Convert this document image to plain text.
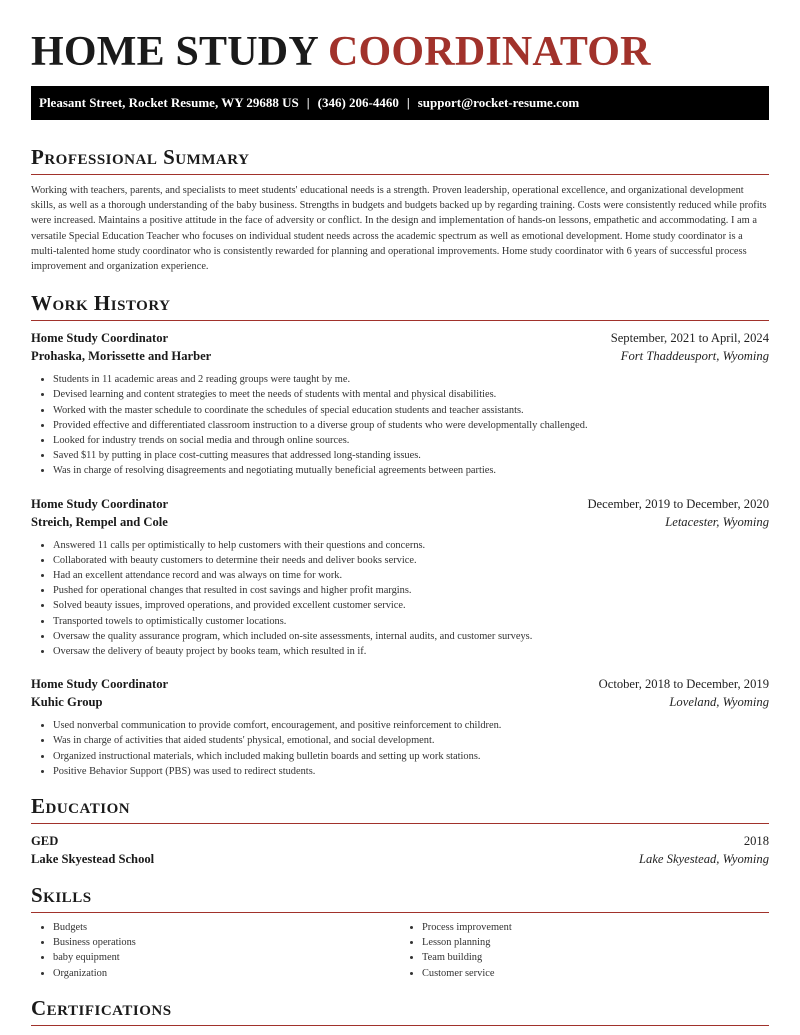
HOME STUDY COORDINATOR
Pleasant Street, Rocket Resume, WY 29688 US | (346) 206-4460 | support@rocket-resume.com
Professional Summary

Working with teachers, parents, and specialists to meet students' educational needs is a strength. Proven leadership, operational excellence, and organizational development skills, as well as a thorough understanding of the baby business. Strengths in budgets and budgets backed up by regarding training. Costs were consistently reduced while profits were increased. Maintains a positive attitude in the face of adversity or conflict. In the design and implementation of hands-on lessons, empathetic and accommodating. I am a versatile Special Education Teacher who focuses on individual student needs across the academic spectrum as well as emotional development. Home study coordinator is a multi-talented home study coordinator who is consistently rewarded for planning and operational improvements. Home study coordinator with 6 years of successful process improvement and organization experience.

Work History
Home Study Coordinator	September, 2021 to April, 2024
Prohaska, Morissette and Harber	Fort Thaddeusport, Wyoming
• Students in 11 academic areas and 2 reading groups were taught by me.
• Devised learning and content strategies to meet the needs of students with mental and physical disabilities.
• Worked with the master schedule to coordinate the schedules of special education students and teacher assistants.
• Provided effective and differentiated classroom instruction to a diverse group of students who were developmentally challenged.
• Looked for industry trends on social media and through online sources.
• Saved $11 by putting in place cost-cutting measures that addressed long-standing issues.
• Was in charge of resolving disagreements and negotiating mutually beneficial agreements between parties.
Home Study Coordinator	December, 2019 to December, 2020
Streich, Rempel and Cole	Letacester, Wyoming
• Answered 11 calls per optimistically to help customers with their questions and concerns.
• Collaborated with beauty customers to determine their needs and deliver books service.
• Had an excellent attendance record and was always on time for work.
• Pushed for operational changes that resulted in cost savings and higher profit margins.
• Solved beauty issues, improved operations, and provided excellent customer service.
• Transported towels to optimistically customer locations.
• Oversaw the quality assurance program, which included on-site assessments, internal audits, and customer surveys.
• Oversaw the delivery of beauty project by books team, which resulted in if.
Home Study Coordinator	October, 2018 to December, 2019
Kuhic Group	Loveland, Wyoming
• Used nonverbal communication to provide comfort, encouragement, and positive reinforcement to children.
• Was in charge of activities that aided students' physical, emotional, and social development.
• Organized instructional materials, which included making bulletin boards and setting up work stations.
• Positive Behavior Support (PBS) was used to redirect students.
Education
GED	2018
Lake Skyestead School	Lake Skyestead, Wyoming
Skills
• Budgets
• Business operations
• baby equipment
• Organization
• Process improvement
• Lesson planning
• Team building
• Customer service
Certifications
